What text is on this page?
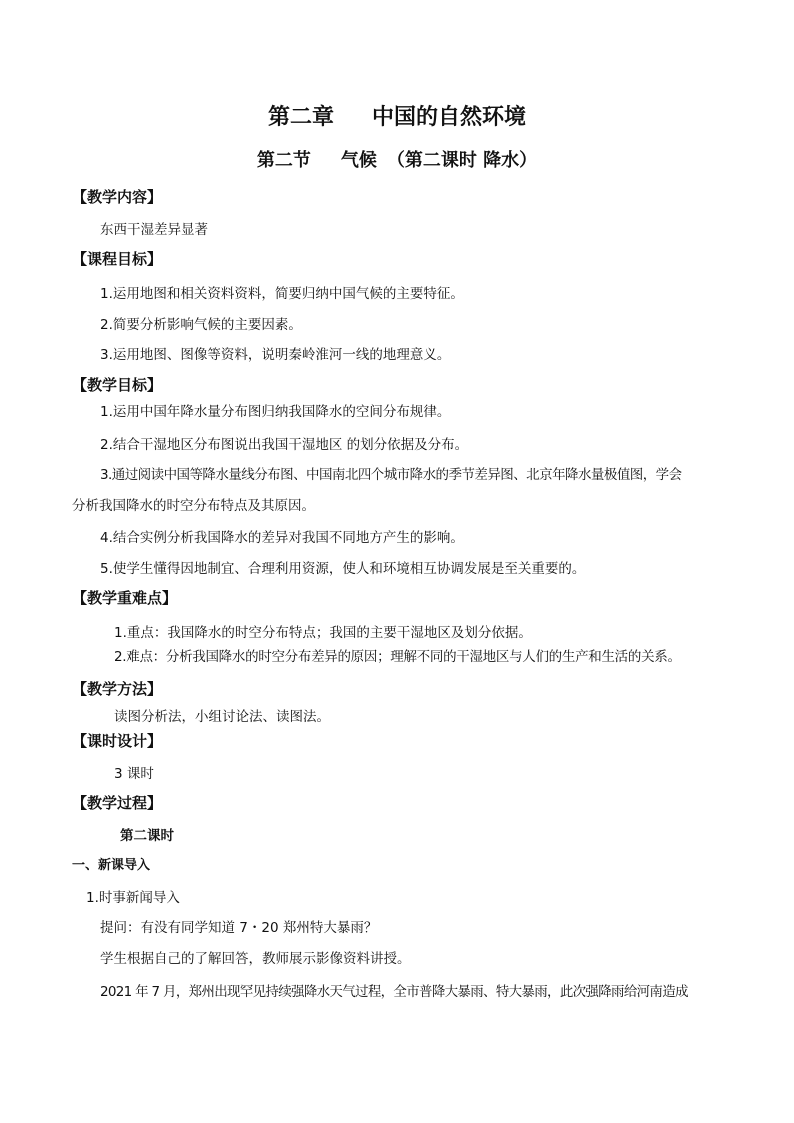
第二章 中国的自然环境
第二节 气候 （第二课时 降水）
【教学内容】
东西干湿差异显著
【课程目标】
1.运用地图和相关资料资料，简要归纳中国气候的主要特征。
2.简要分析影响气候的主要因素。
3.运用地图、图像等资料，说明秦岭淮河一线的地理意义。
【教学目标】
1.运用中国年降水量分布图归纳我国降水的空间分布规律。
2.结合干湿地区分布图说出我国干湿地区 的划分依据及分布。
3.通过阅读中国等降水量线分布图、中国南北四个城市降水的季节差异图、北京年降水量极值图，学会
分析我国降水的时空分布特点及其原因。
4.结合实例分析我国降水的差异对我国不同地方产生的影响。
5.使学生懂得因地制宜、合理利用资源，使人和环境相互协调发展是至关重要的。
【教学重难点】
1.重点：我国降水的时空分布特点；我国的主要干湿地区及划分依据。
2.难点：分析我国降水的时空分布差异的原因；理解不同的干湿地区与人们的生产和生活的关系。
【教学方法】
读图分析法，小组讨论法、读图法。
【课时设计】
3 课时
【教学过程】
第二课时
一、新课导入
1.时事新闻导入
提问：有没有同学知道 7・20 郑州特大暴雨？
学生根据自己的了解回答，教师展示影像资料讲授。
2021 年 7 月，郑州出现罕见持续强降水天气过程，全市普降大暴雨、特大暴雨，此次强降雨给河南造成
